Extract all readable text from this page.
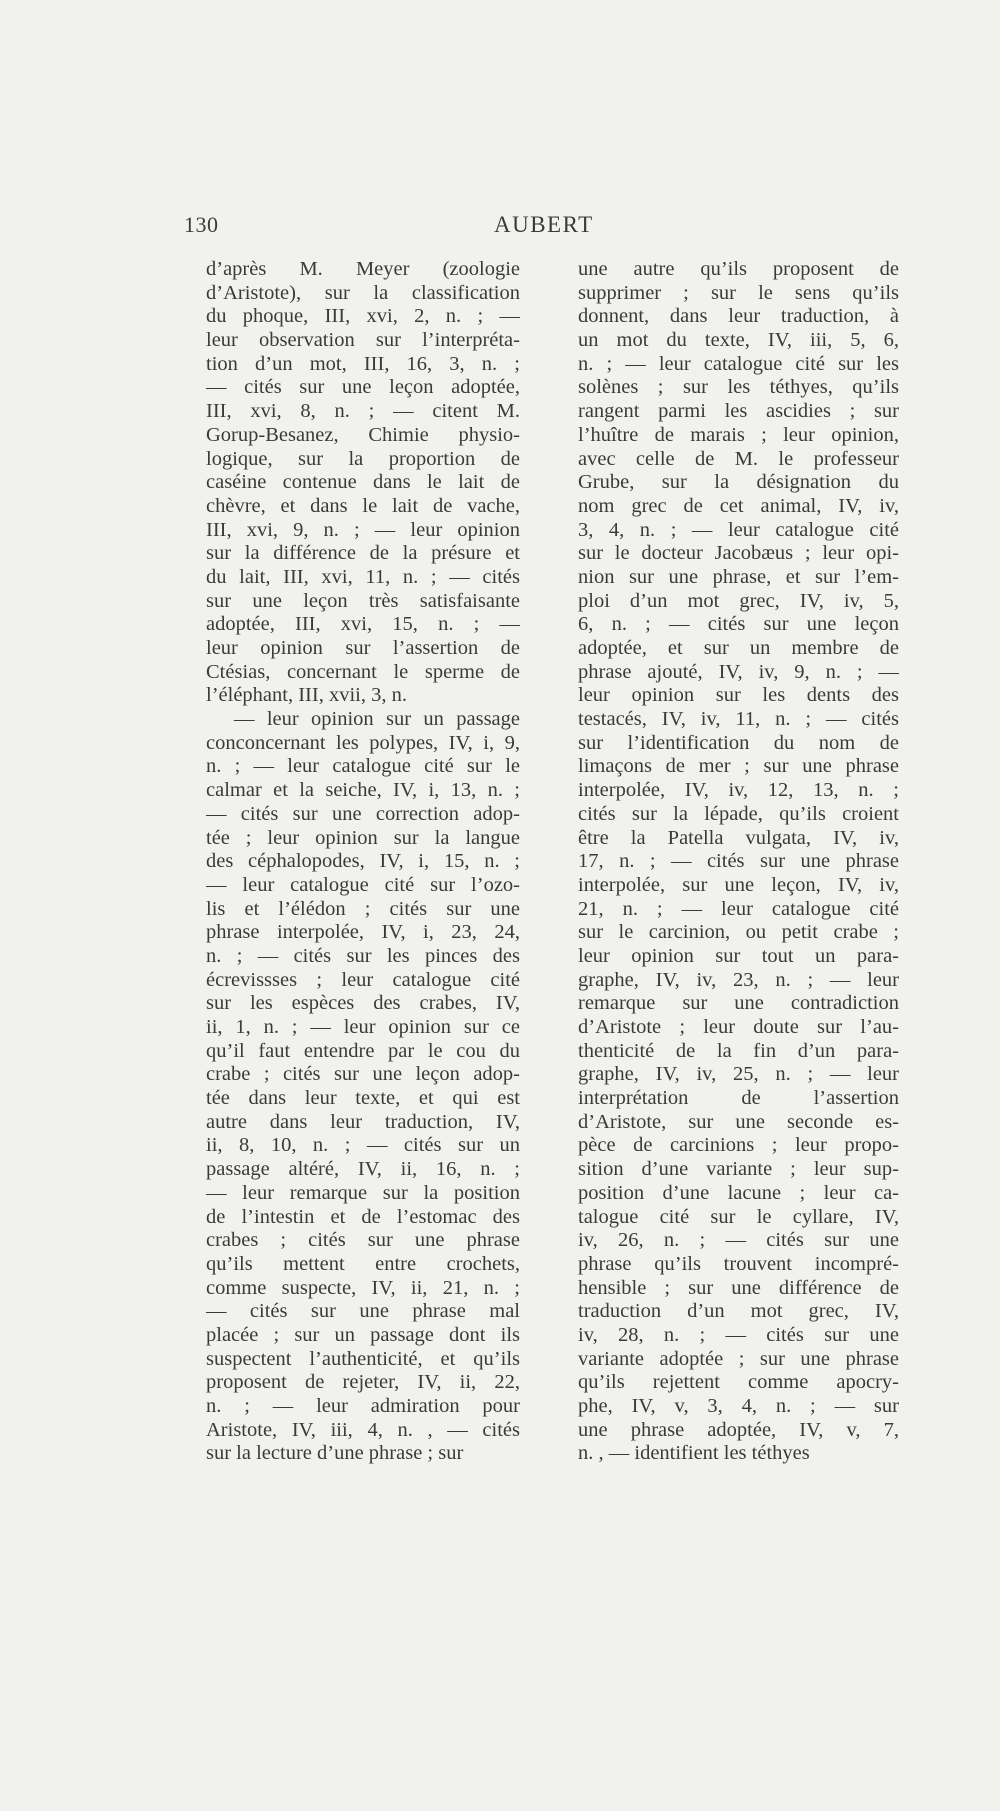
130	AUBERT
d’après M. Meyer (zoologie
d’Aristote), sur la classification
du phoque, III, xvi, 2, n. ; —
leur observation sur l’interpréta-
tion d’un mot, III, 16, 3, n. ;
— cités sur une leçon adoptée,
III, xvi, 8, n. ; — citent M.
Gorup-Besanez, Chimie physio-
logique, sur la proportion de
caséine contenue dans le lait de
chèvre, et dans le lait de vache,
III, xvi, 9, n. ; — leur opinion
sur la différence de la présure et
du lait, III, xvi, 11, n. ; — cités
sur une leçon très satisfaisante
adoptée, III, xvi, 15, n. ; —
leur opinion sur l’assertion de
Ctésias, concernant le sperme de
l’éléphant, III, xvii, 3, n.
— leur opinion sur un passage
conconcernant les polypes, IV, i, 9,
n. ; — leur catalogue cité sur le
calmar et la seiche, IV, i, 13, n. ;
— cités sur une correction adop-
tée ; leur opinion sur la langue
des céphalopodes, IV, i, 15, n. ;
— leur catalogue cité sur l’ozo-
lis et l’élédon ; cités sur une
phrase interpolée, IV, i, 23, 24,
n. ; — cités sur les pinces des
écrevissses ; leur catalogue cité
sur les espèces des crabes, IV,
ii, 1, n. ; — leur opinion sur ce
qu’il faut entendre par le cou du
crabe ; cités sur une leçon adop-
tée dans leur texte, et qui est
autre dans leur traduction, IV,
ii, 8, 10, n. ; — cités sur un
passage altéré, IV, ii, 16, n. ;
— leur remarque sur la position
de l’intestin et de l’estomac des
crabes ; cités sur une phrase
qu’ils mettent entre crochets,
comme suspecte, IV, ii, 21, n. ;
— cités sur une phrase mal
placée ; sur un passage dont ils
suspectent l’authenticité, et qu’ils
proposent de rejeter, IV, ii, 22,
n. ; — leur admiration pour
Aristote, IV, iii, 4, n. , — cités
sur la lecture d’une phrase ; sur
une autre qu’ils proposent de
supprimer ; sur le sens qu’ils
donnent, dans leur traduction, à
un mot du texte, IV, iii, 5, 6,
n. ; — leur catalogue cité sur les
solènes ; sur les téthyes, qu’ils
rangent parmi les ascidies ; sur
l’huître de marais ; leur opinion,
avec celle de M. le professeur
Grube, sur la désignation du
nom grec de cet animal, IV, iv,
3, 4, n. ; — leur catalogue cité
sur le docteur Jacobæus ; leur opi-
nion sur une phrase, et sur l’em-
ploi d’un mot grec, IV, iv, 5,
6, n. ; — cités sur une leçon
adoptée, et sur un membre de
phrase ajouté, IV, iv, 9, n. ; —
leur opinion sur les dents des
testacés, IV, iv, 11, n. ; — cités
sur l’identification du nom de
limaçons de mer ; sur une phrase
interpolée, IV, iv, 12, 13, n. ;
cités sur la lépade, qu’ils croient
être la Patella vulgata, IV, iv,
17, n. ; — cités sur une phrase
interpolée, sur une leçon, IV, iv,
21, n. ; — leur catalogue cité
sur le carcinion, ou petit crabe ;
leur opinion sur tout un para-
graphe, IV, iv, 23, n. ; — leur
remarque sur une contradiction
d’Aristote ; leur doute sur l’au-
thenticité de la fin d’un para-
graphe, IV, iv, 25, n. ; — leur
interprétation de l’assertion
d’Aristote, sur une seconde es-
pèce de carcinions ; leur propo-
sition d’une variante ; leur sup-
position d’une lacune ; leur ca-
talogue cité sur le cyllare, IV,
iv, 26, n. ; — cités sur une
phrase qu’ils trouvent incompré-
hensible ; sur une différence de
traduction d’un mot grec, IV,
iv, 28, n. ; — cités sur une
variante adoptée ; sur une phrase
qu’ils rejettent comme apocry-
phe, IV, v, 3, 4, n. ; — sur
une phrase adoptée, IV, v, 7,
n. , — identifient les téthyes
